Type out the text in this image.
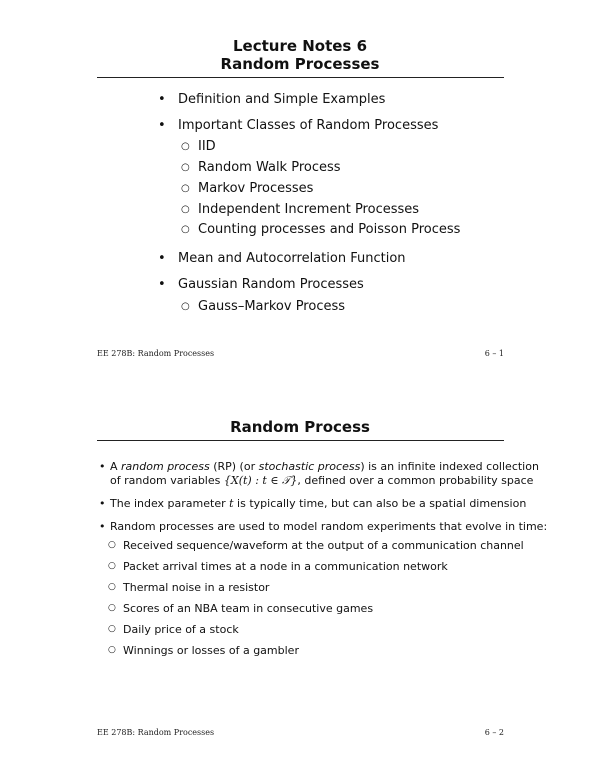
Lecture Notes 6
Random Processes
• Definition and Simple Examples
• Important Classes of Random Processes
○ IID
○ Random Walk Process
○ Markov Processes
○ Independent Increment Processes
○ Counting processes and Poisson Process
• Mean and Autocorrelation Function
• Gaussian Random Processes
○ Gauss–Markov Process
EE 278B: Random Processes	6 – 1
Random Process
• A random process (RP) (or stochastic process) is an infinite indexed collection
of random variables {X(t) : t ∈ 𝒯}, defined over a common probability space
• The index parameter t is typically time, but can also be a spatial dimension
• Random processes are used to model random experiments that evolve in time:
○ Received sequence/waveform at the output of a communication channel
○ Packet arrival times at a node in a communication network
○ Thermal noise in a resistor
○ Scores of an NBA team in consecutive games
○ Daily price of a stock
○ Winnings or losses of a gambler
EE 278B: Random Processes	6 – 2
